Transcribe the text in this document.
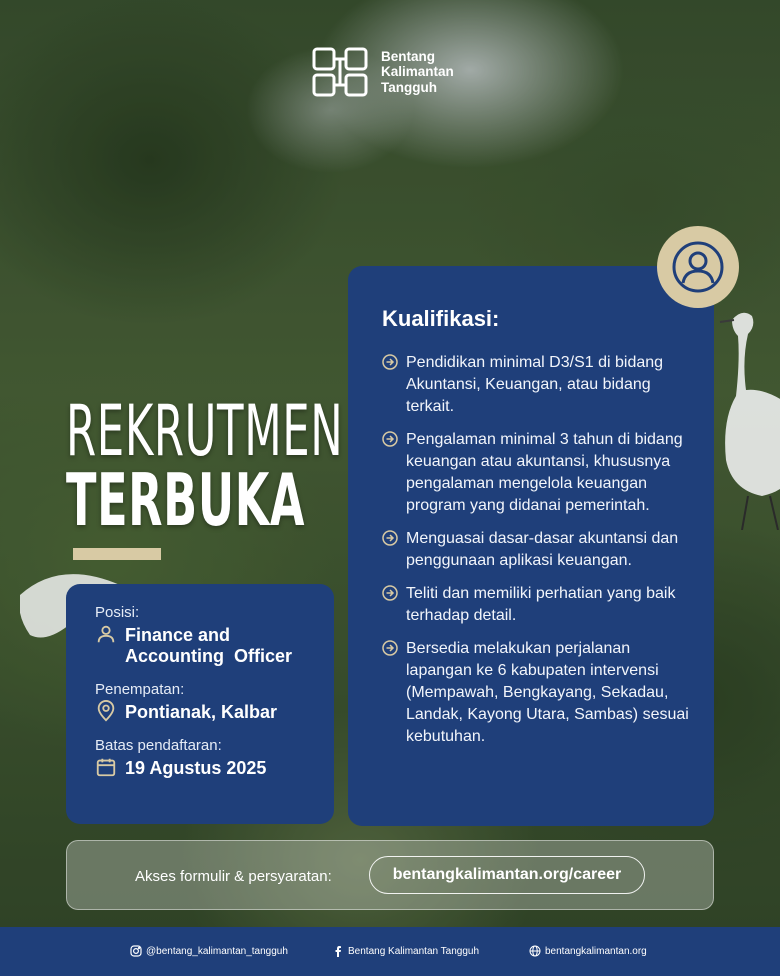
Bentang
Kalimantan
Tangguh
REKRUTMEN
TERBUKA
Posisi:
Finance and
Accounting  Officer
Penempatan:
Pontianak, Kalbar
Batas pendaftaran:
19 Agustus 2025
Kualifikasi:
Pendidikan minimal D3/S1 di bidang Akuntansi, Keuangan, atau bidang terkait.
Pengalaman minimal 3 tahun di bidang keuangan atau akuntansi, khususnya pengalaman mengelola keuangan program yang didanai pemerintah.
Menguasai dasar-dasar akuntansi dan penggunaan aplikasi keuangan.
Teliti dan memiliki perhatian yang baik terhadap detail.
Bersedia melakukan perjalanan lapangan ke 6 kabupaten intervensi (Mempawah, Bengkayang, Sekadau, Landak, Kayong Utara, Sambas) sesuai kebutuhan.
Akses formulir & persyaratan:	bentangkalimantan.org/career
@bentang_kalimantan_tangguh	Bentang Kalimantan Tangguh	bentangkalimantan.org
